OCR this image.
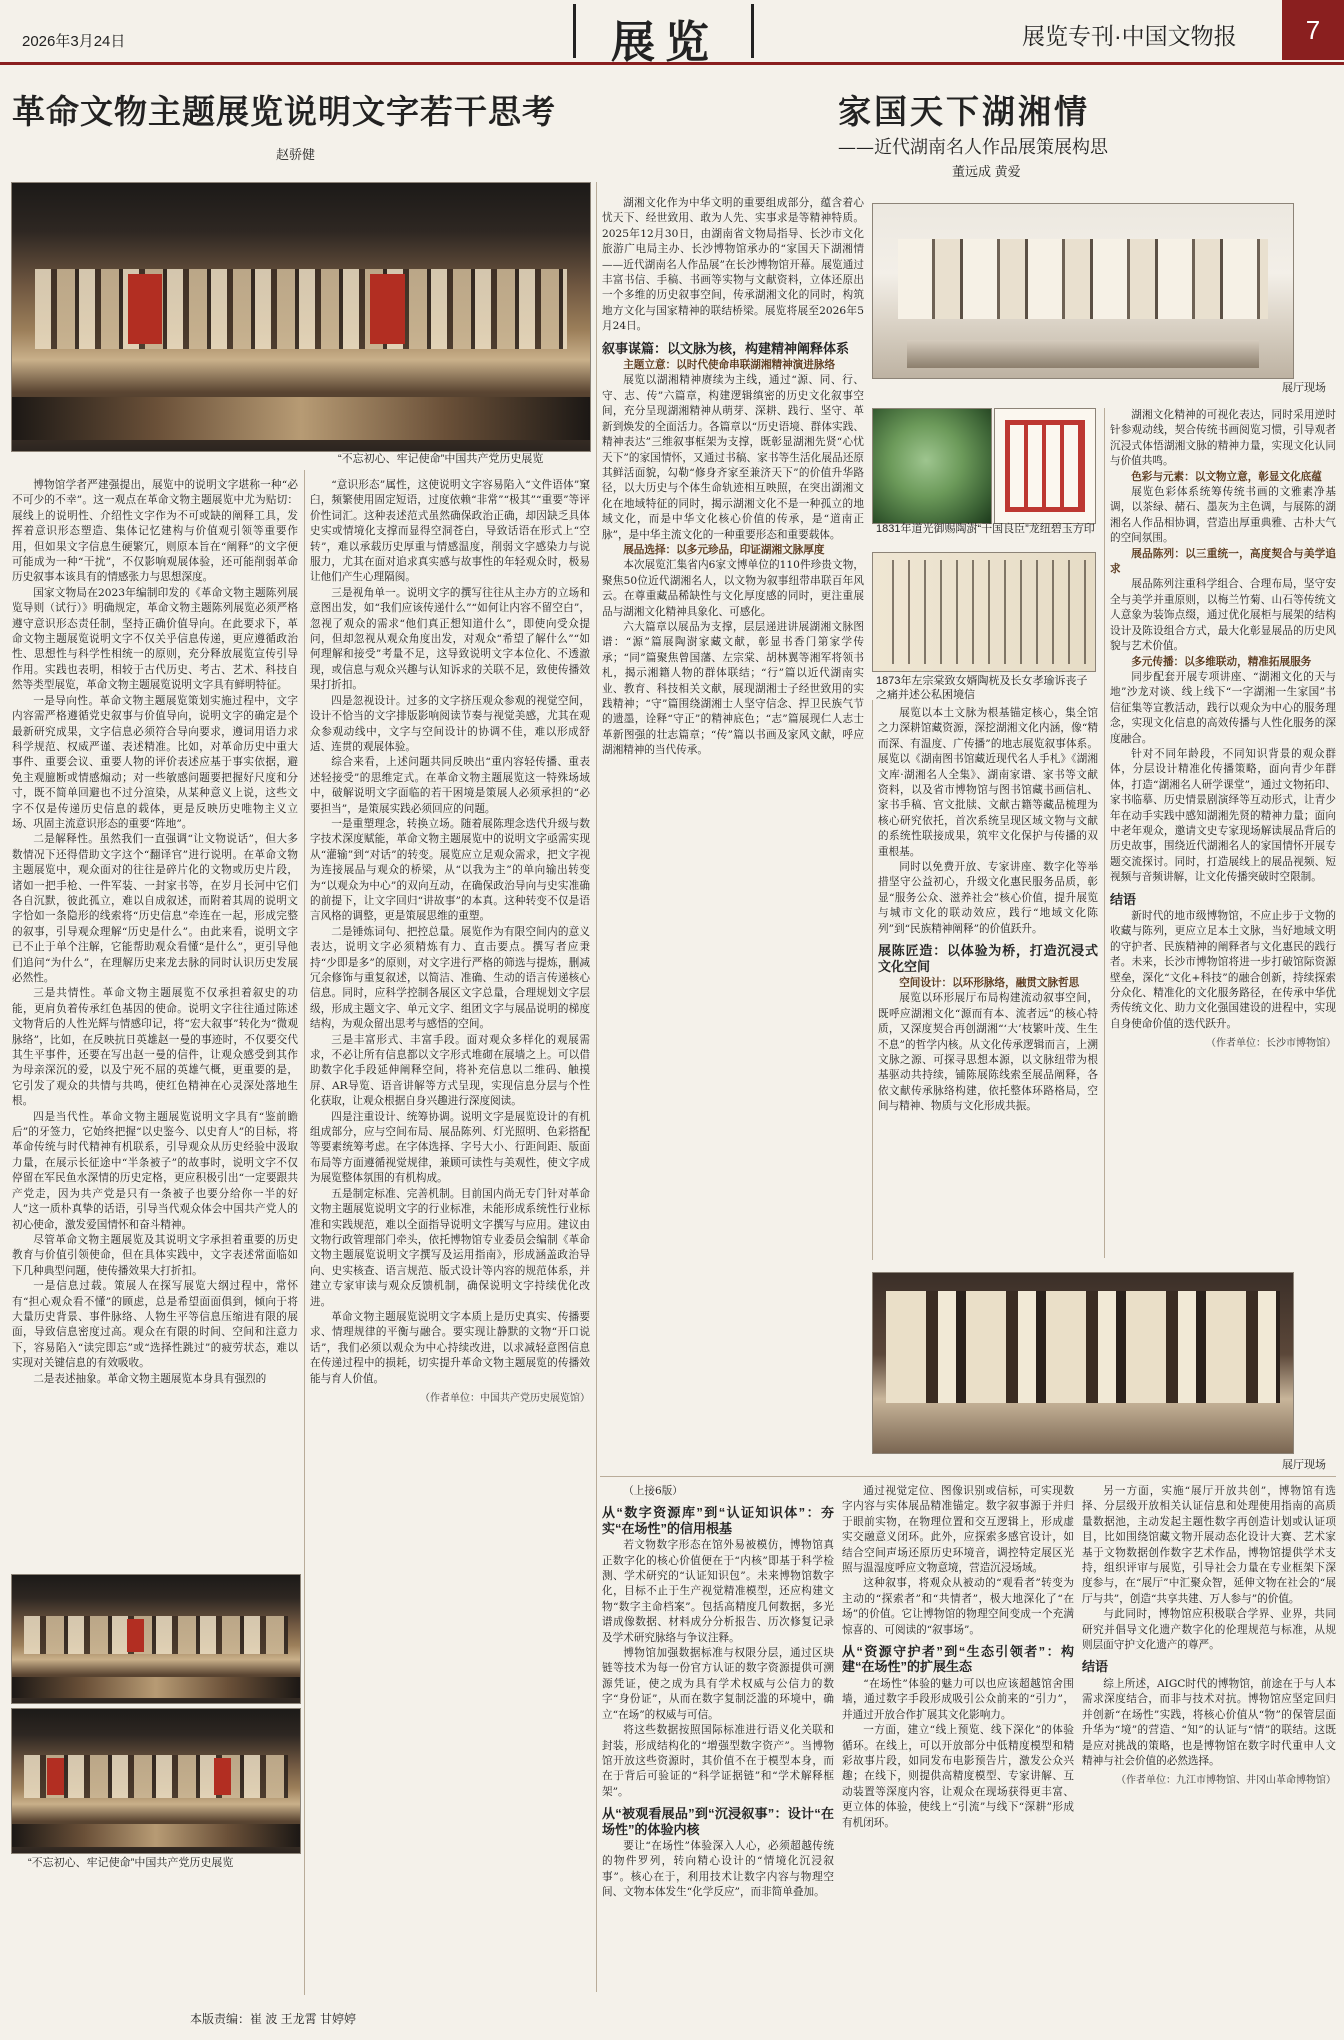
2026年3月24日	展览	展览专刊·中国文物报	7
革命文物主题展览说明文字若干思考
赵骄健
“不忘初心、牢记使命”中国共产党历史展览
家国天下湖湘情
——近代湖南名人作品展策展构思
董远成 黄爱
展厅现场
1831年道光御赐陶澍“干国良臣”龙纽碧玉方印
1873年左宗棠致女婿陶桄及长女孝瑜诉丧子之痛并述公私困境信
展厅现场
“不忘初心、牢记使命”中国共产党历史展览

博物馆学者严建强提出，展览中的说明文字堪称一种“必不可少的不幸”。这一观点在革命文物主题展览中尤为贴切：展线上的说明性、介绍性文字作为不可或缺的阐释工具，发挥着意识形态塑造、集体记忆建构与价值观引领等重要作用，但如果文字信息生硬繁冗，则原本旨在“阐释”的文字便可能成为一种“干扰”，不仅影响观展体验，还可能削弱革命历史叙事本该具有的情感张力与思想深度。

国家文物局在2023年编制印发的《革命文物主题陈列展览导则（试行）》明确规定，革命文物主题陈列展览必须严格遵守意识形态责任制，坚持正确价值导向。在此要求下，革命文物主题展览说明文字不仅关乎信息传递，更应遵循政治性、思想性与科学性相统一的原则，充分释放展览宣传引导作用。实践也表明，相较于古代历史、考古、艺术、科技自然等类型展览，革命文物主题展览说明文字具有鲜明特征。

一是导向性。革命文物主题展览策划实施过程中，文字内容需严格遵循党史叙事与价值导向，说明文字的确定是个最新研究成果，文字信息必须符合导向要求，遵词用语力求科学规范、权威严谨、表述精准。比如，对革命历史中重大事件、重要会议、重要人物的评价表述应基于事实依据，避免主观臆断或情感煽动；对一些敏感问题要把握好尺度和分寸，既不简单回避也不过分渲染，从某种意义上说，这些文字不仅是传递历史信息的载体，更是反映历史唯物主义立场、巩固主流意识形态的重要“阵地”。

二是解释性。虽然我们一直强调“让文物说话”，但大多数情况下还得借助文字这个“翻译官”进行说明。在革命文物主题展览中，观众面对的往往是碎片化的文物或历史片段，诸如一把手枪、一件军装、一封家书等，在岁月长河中它们各自沉默，彼此孤立，难以自成叙述，而附着其周的说明文字恰如一条隐形的线索将“历史信息”牵连在一起，形成完整的叙事，引导观众理解“历史是什么”。由此来看，说明文字已不止于单个注解，它能帮助观众看懂“是什么”，更引导他们追问“为什么”，在理解历史来龙去脉的同时认识历史发展必然性。

三是共情性。革命文物主题展览不仅承担着叙史的功能，更肩负着传承红色基因的使命。说明文字往往通过陈述文物背后的人性光辉与情感印记，将“宏大叙事”转化为“微观脉络”，比如，在反映抗日英雄赵一曼的事迹时，不仅要交代其生平事件，还要在写出赵一曼的信件，让观众感受到其作为母亲深沉的爱，以及宁死不屈的英雄气概，更重要的是，它引发了观众的共情与共鸣，使红色精神在心灵深处落地生根。

四是当代性。革命文物主题展览说明文字具有“鉴前瞻后”的牙签力，它始终把握“以史鉴今、以史育人”的目标，将革命传统与时代精神有机联系，引导观众从历史经验中汲取力量，在展示长征途中“半条被子”的故事时，说明文字不仅停留在军民鱼水深情的历史定格，更应积极引出“一定要跟共产党走，因为共产党是只有一条被子也要分给你一半的好人”这一质朴真挚的话语，引导当代观众体会中国共产党人的初心使命，激发爱国情怀和奋斗精神。

尽管革命文物主题展览及其说明文字承担着重要的历史教育与价值引领使命，但在具体实践中，文字表述常面临如下几种典型问题，使传播效果大打折扣。

一是信息过载。策展人在探写展览大纲过程中，常怀有“担心观众看不懂”的顾虑，总是希望面面俱到，倾向于将大量历史背景、事件脉络、人物生平等信息压缩进有限的展面，导致信息密度过高。观众在有限的时间、空间和注意力下，容易陷入“读完即忘”或“选择性跳过”的疲劳状态，难以实现对关键信息的有效吸收。

二是表述抽象。革命文物主题展览本身具有强烈的

“意识形态”属性，这使说明文字容易陷入“文件语体”窠臼，频繁使用固定短语，过度依赖“非常”“极其”“重要”等评价性词汇。这种表述范式虽然确保政治正确，却因缺乏具体史实或情境化支撑而显得空洞苍白，导致话语在形式上“空转”，难以承载历史厚重与情感温度，削弱文字感染力与说服力，尤其在面对追求真实感与故事性的年轻观众时，极易让他们产生心理隔阂。

三是视角单一。说明文字的撰写往往从主办方的立场和意图出发，如“我们应该传递什么”“如何让内容不留空白”，忽视了观众的需求“他们真正想知道什么”，即使向受众提问，但却忽视从观众角度出发，对观众“希望了解什么”“如何理解和接受”考量不足，这导致说明文字本位化、不透澈现，或信息与观众兴趣与认知诉求的关联不足，致使传播效果打折扣。

四是忽视设计。过多的文字挤压观众参观的视觉空间，设计不恰当的文字排版影响阅读节奏与视觉美感，尤其在观众参观动线中，文字与空间设计的协调不佳，难以形成舒适、连贯的观展体验。

综合来看，上述问题共同反映出“重内容轻传播、重表述轻接受”的思维定式。在革命文物主题展览这一特殊场域中，破解说明文字面临的若干困境是策展人必须承担的“必要担当”，是策展实践必须回应的问题。

一是重塑理念，转换立场。随着展陈理念迭代升级与数字技术深度赋能，革命文物主题展览中的说明文字亟需实现从“灌输”到“对话”的转变。展览应立足观众需求，把文字视为连接展品与观众的桥梁，从“以我为主”的单向输出转变为“以观众为中心”的双向互动，在确保政治导向与史实准确的前提下，让文字回归“讲故事”的本真。这种转变不仅是语言风格的调整，更是策展思维的重塑。

二是锤炼词句、把控总量。展览作为有限空间内的意义表达，说明文字必须精炼有力、直击要点。撰写者应秉持“少即是多”的原则，对文字进行严格的筛选与提炼，删减冗余修饰与重复叙述，以简洁、准确、生动的语言传递核心信息。同时，应科学控制各展区文字总量，合理规划文字层级，形成主题文字、单元文字、组团文字与展品说明的梯度结构，为观众留出思考与感悟的空间。

三是丰富形式、丰富手段。面对观众多样化的观展需求，不必让所有信息都以文字形式堆砌在展墙之上。可以借助数字化手段延伸阐释空间，将补充信息以二维码、触摸屏、AR导览、语音讲解等方式呈现，实现信息分层与个性化获取，让观众根据自身兴趣进行深度阅读。

四是注重设计、统筹协调。说明文字是展览设计的有机组成部分，应与空间布局、展品陈列、灯光照明、色彩搭配等要素统筹考虑。在字体选择、字号大小、行距间距、版面布局等方面遵循视觉规律，兼顾可读性与美观性，使文字成为展览整体氛围的有机构成。

五是制定标准、完善机制。目前国内尚无专门针对革命文物主题展览说明文字的行业标准，未能形成系统性行业标准和实践规范，难以全面指导说明文字撰写与应用。建议由文物行政管理部门牵头，依托博物馆专业委员会编制《革命文物主题展览说明文字撰写及运用指南》，形成涵盖政治导向、史实核查、语言规范、版式设计等内容的规范体系，并建立专家审读与观众反馈机制，确保说明文字持续优化改进。

革命文物主题展览说明文字本质上是历史真实、传播要求、情理规律的平衡与融合。要实现让静默的文物“开口说话”，我们必须以观众为中心持续改进，以求减轻意图信息在传递过程中的损耗，切实提升革命文物主题展览的传播效能与育人价值。

（作者单位：中国共产党历史展览馆）

湖湘文化作为中华文明的重要组成部分，蕴含着心忧天下、经世致用、敢为人先、实事求是等精神特质。2025年12月30日，由湖南省文物局指导、长沙市文化旅游广电局主办、长沙博物馆承办的“家国天下湖湘情——近代湖南名人作品展”在长沙博物馆开幕。展览通过丰富书信、手稿、书画等实物与文献资料，立体还原出一个多维的历史叙事空间，传承湖湘文化的同时，构筑地方文化与国家精神的联结桥梁。展览将展至2026年5月24日。

叙事谋篇：以文脉为核，构建精神阐释体系

主题立意：以时代使命串联湖湘精神演进脉络

展览以湖湘精神赓续为主线，通过“源、同、行、守、志、传”六篇章，构建逻辑缜密的历史文化叙事空间，充分呈现湖湘精神从萌芽、深耕、践行、坚守、革新到焕发的全面活力。各篇章以“历史语境、群体实践、精神表达”三维叙事框架为支撑，既彰显湖湘先贤“心忧天下”的家国情怀，又通过书稿、家书等生活化展品还原其鲜活面貌，勾勒“修身齐家至兼济天下”的价值升华路径，以大历史与个体生命轨迹相互映照，在突出湖湘文化在地域特征的同时，揭示湖湘文化不是一种孤立的地域文化，而是中华文化核心价值的传承，是“道南正脉”，是中华主流文化的一种重要形态和重要载体。

展品选择：以多元珍品，印证湖湘文脉厚度

本次展览汇集省内6家文博单位的110件珍贵文物，聚焦50位近代湖湘名人，以文物为叙事纽带串联百年风云。在尊重藏品稀缺性与文化厚度感的同时，更注重展品与湖湘文化精神具象化、可感化。

六大篇章以展品为支撑，层层递进讲展湖湘文脉图谱：“源”篇展陶澍家藏文献，彰显书香门第家学传承；“同”篇聚焦曾国藩、左宗棠、胡林翼等湘军将领书札，揭示湘籍人物的群体联结；“行”篇以近代湖南实业、教育、科技相关文献，展现湖湘士子经世致用的实践精神；“守”篇围绕湖湘士人坚守信念、捍卫民族气节的遗墨，诠释“守正”的精神底色；“志”篇展现仁人志士革新图强的壮志篇章；“传”篇以书画及家风文献，呼应湖湘精神的当代传承。

展览以本土文脉为根基锚定核心，集全馆之力深耕馆藏资源，深挖湖湘文化内涵，像“精而深、有温度、广传播”的地志展览叙事体系。展览以《湖南图书馆藏近现代名人手札》《湖湘文库·湖湘名人全集》、湖南家谱、家书等文献资料，以及省市博物馆与图书馆藏书画信札、家书手稿、官文批牍、文献古籍等藏品梳理为核心研究依托，首次系统呈现区域文物与文献的系统性联接成果，筑牢文化保护与传播的双重根基。

同时以免费开放、专家讲座、数字化等举措坚守公益初心，升级文化惠民服务品质，彰显“服务公众、滋养社会”核心价值，提升展览与城市文化的联动效应，践行“地域文化陈列”到“民族精神阐释”的价值跃升。

展陈匠造：以体验为桥，打造沉浸式文化空间

空间设计：以环形脉络，融贯文脉哲思

展览以环形展厅布局构建流动叙事空间，既呼应湖湘文化“源而有本、流者远”的核心特质，又深度契合再创湖湘“‘大’枝繁叶茂、生生不息”的哲学内核。从文化传承逻辑而言，上溯文脉之源、可探寻思想本源，以文脉纽带为根基驱动共持续，铺陈展陈线索至展品阐释，各依文献传承脉络构建，依托整体环路格局，空间与精神、物质与文化形成共振。

湖湘文化精神的可视化表达，同时采用逆时针参观动线，契合传统书画阅览习惯，引导观者沉浸式体悟湖湘文脉的精神力量，实现文化认同与价值共鸣。

色彩与元素：以文物立意，彰显文化底蕴

展览色彩体系统筹传统书画的文雅素净基调，以茶绿、赭石、墨灰为主色调，与展陈的湖湘名人作品相协调，营造出厚重典雅、古朴大气的空间氛围。

展品陈列：以三重统一，高度契合与美学追求

展品陈列注重科学组合、合理布局，坚守安全与美学并重原则，以梅兰竹菊、山石等传统文人意象为装饰点缀，通过优化展柜与展架的结构设计及陈设组合方式，最大化彰显展品的历史风貌与艺术价值。

多元传播：以多维联动，精准拓展服务

同步配套开展专项讲座、“湖湘文化的天与地”沙龙对谈、线上线下“一字湖湘一生家国”书信征集等宣教活动，践行以观众为中心的服务理念，实现文化信息的高效传播与人性化服务的深度融合。

针对不同年龄段，不同知识背景的观众群体，分层设计精准化传播策略，面向青少年群体，打造“湖湘名人研学课堂”，通过文物拓印、家书临摹、历史情景剧演绎等互动形式，让青少年在动手实践中感知湖湘先贤的精神力量；面向中老年观众，邀请文史专家现场解读展品背后的历史故事，围绕近代湖湘名人的家国情怀开展专题交流探讨。同时，打造展线上的展品视频、短视频与音频讲解，让文化传播突破时空限制。

结语

新时代的地市级博物馆，不应止步于文物的收藏与陈列，更应立足本土文脉，当好地域文明的守护者、民族精神的阐释者与文化惠民的践行者。未来，长沙市博物馆将进一步打破馆际资源壁垒，深化“文化+科技”的融合创新，持续探索分众化、精准化的文化服务路径，在传承中华优秀传统文化、助力文化强国建设的进程中，实现自身使命价值的迭代跃升。

（作者单位：长沙市博物馆）

（上接6版）

从“数字资源库”到“认证知识体”：夯实“在场性”的信用根基

若文物数字形态在馆外易被模仿，博物馆真正数字化的核心价值便在于“内核”即基于科学检测、学术研究的“认证知识包”。未来博物馆数字化，目标不止于生产视觉精准模型，还应构建文物“数字主命档案”。包括高精度几何数据，多光谱成像数据、材料成分分析报告、历次修复记录及学术研究脉络与争议注释。

博物馆加强数据标准与权限分层，通过区块链等技术为每一份官方认证的数字资源提供可溯源凭证，使之成为具有学术权威与公信力的数字“身份证”，从而在数字复制泛滥的环境中，确立“在场”的权威与可信。

将这些数据按照国际标准进行语义化关联和封装，形成结构化的“增强型数字资产”。当博物馆开放这些资源时，其价值不在于模型本身，而在于背后可验证的“科学证据链”和“学术解释框架”。

从“被观看展品”到“沉浸叙事”：设计“在场性”的体验内核

要让“在场性”体验深入人心，必须超越传统的物件罗列，转向精心设计的“情境化沉浸叙事”。核心在于，利用技术让数字内容与物理空间、文物本体发生“化学反应”，而非简单叠加。

通过视觉定位、图像识别或信标，可实现数字内容与实体展品精准锚定。数字叙事源于并归于眼前实物，在物理位置和交互逻辑上，形成虚实交融意义闭环。此外，应探索多感官设计，如结合空间声场还原历史环境音，调控特定展区光照与温湿度呼应文物意境，营造沉浸场域。

这种叙事，将观众从被动的“观看者”转变为主动的“探索者”和“共情者”，极大地深化了“在场”的价值。它让博物馆的物理空间变成一个充满惊喜的、可阅读的“叙事场”。

从“资源守护者”到“生态引领者”：构建“在场性”的扩展生态

“在场性”体验的魅力可以也应该超越馆舍围墙，通过数字手段形成吸引公众前来的“引力”，并通过开放合作扩展其文化影响力。

一方面，建立“线上预览、线下深化”的体验循环。在线上，可以开放部分中低精度模型和精彩故事片段，如同发布电影预告片，激发公众兴趣；在线下，则提供高精度模型、专家讲解、互动装置等深度内容，让观众在现场获得更丰富、更立体的体验，使线上“引流”与线下“深耕”形成有机闭环。

另一方面，实施“展厅开放共创”，博物馆有选择、分层级开放相关认证信息和处理使用指南的高质量数据池，主动发起主题性数字再创造计划或认证项目，比如围绕馆藏文物开展动态化设计大赛、艺术家基于文物数据创作数字艺术作品，博物馆提供学术支持，组织评审与展览，引导社会力量在专业框架下深度参与，在“展厅”中汇聚众智，延伸文物在社会的“展厅与共”，创造“共享共建、万人参与”的价值。

与此同时，博物馆应积极联合学界、业界，共同研究并倡导文化遗产数字化的伦理规范与标准，从规则层面守护文化遗产的尊严。

结语

综上所述，AIGC时代的博物馆，前途在于与人本需求深度结合，而非与技术对抗。博物馆应坚定回归并创新“在场性”实践，将核心价值从“物”的保管层面升华为“境”的营造、“知”的认证与“情”的联结。这既是应对挑战的策略，也是博物馆在数字时代重申人文精神与社会价值的必然选择。

（作者单位：九江市博物馆、井冈山革命博物馆）
本版责编：崔 波 王龙霄 甘婷婷
